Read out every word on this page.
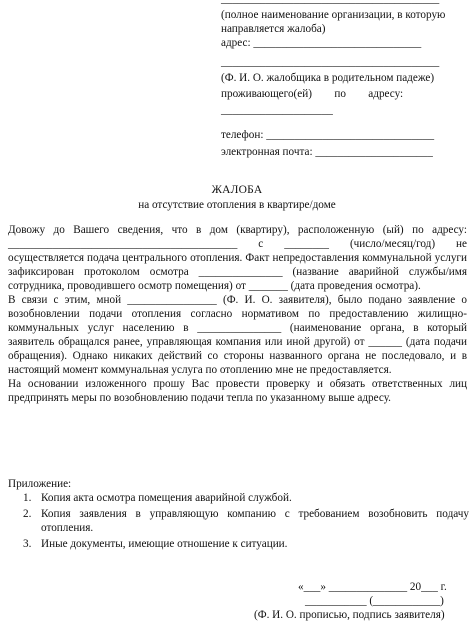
(полное наименование организации, в которую
направляется жалоба)
адрес: ______________________________
_______________________________________
(Ф. И. О. жалобщика в родительном падеже)
проживающего(ей)        по        адресу:
____________________
телефон: ______________________________
электронная почта: _____________________
ЖАЛОБА
на отсутствие отопления в квартире/доме

Довожу до Вашего сведения, что в дом (квартиру), расположенную (ый) по адресу: _________________________________________ с ________ (число/месяц/год) не осуществляется подача центрального отопления. Факт непредоставления коммунальной услуги зафиксирован протоколом осмотра _______________ (название аварийной службы/имя сотрудника, проводившего осмотр помещения) от _______ (дата проведения осмотра).

В связи с этим, мной ________________ (Ф. И. О. заявителя), было подано заявление о возобновлении подачи отопления согласно нормативом по предоставлению жилищно-коммунальных услуг населению в _______________ (наименование органа, в который заявитель обращался ранее, управляющая компания или иной другой) от ______ (дата подачи обращения). Однако никаких действий со стороны названного органа не последовало, и в настоящий момент коммунальная услуга по отоплению мне не предоставляется.

На основании изложенного прошу Вас провести проверку и обязать ответственных лиц предпринять меры по возобновлению подачи тепла по указанному выше адресу.

Приложение:
1. Копия акта осмотра помещения аварийной службой.
2. Копия заявления в управляющую компанию с требованием возобновить подачу отопления.
3. Иные документы, имеющие отношение к ситуации.
«___» ______________ 20___ г.
___________ (____________)
(Ф. И. О. прописью, подпись заявителя)
